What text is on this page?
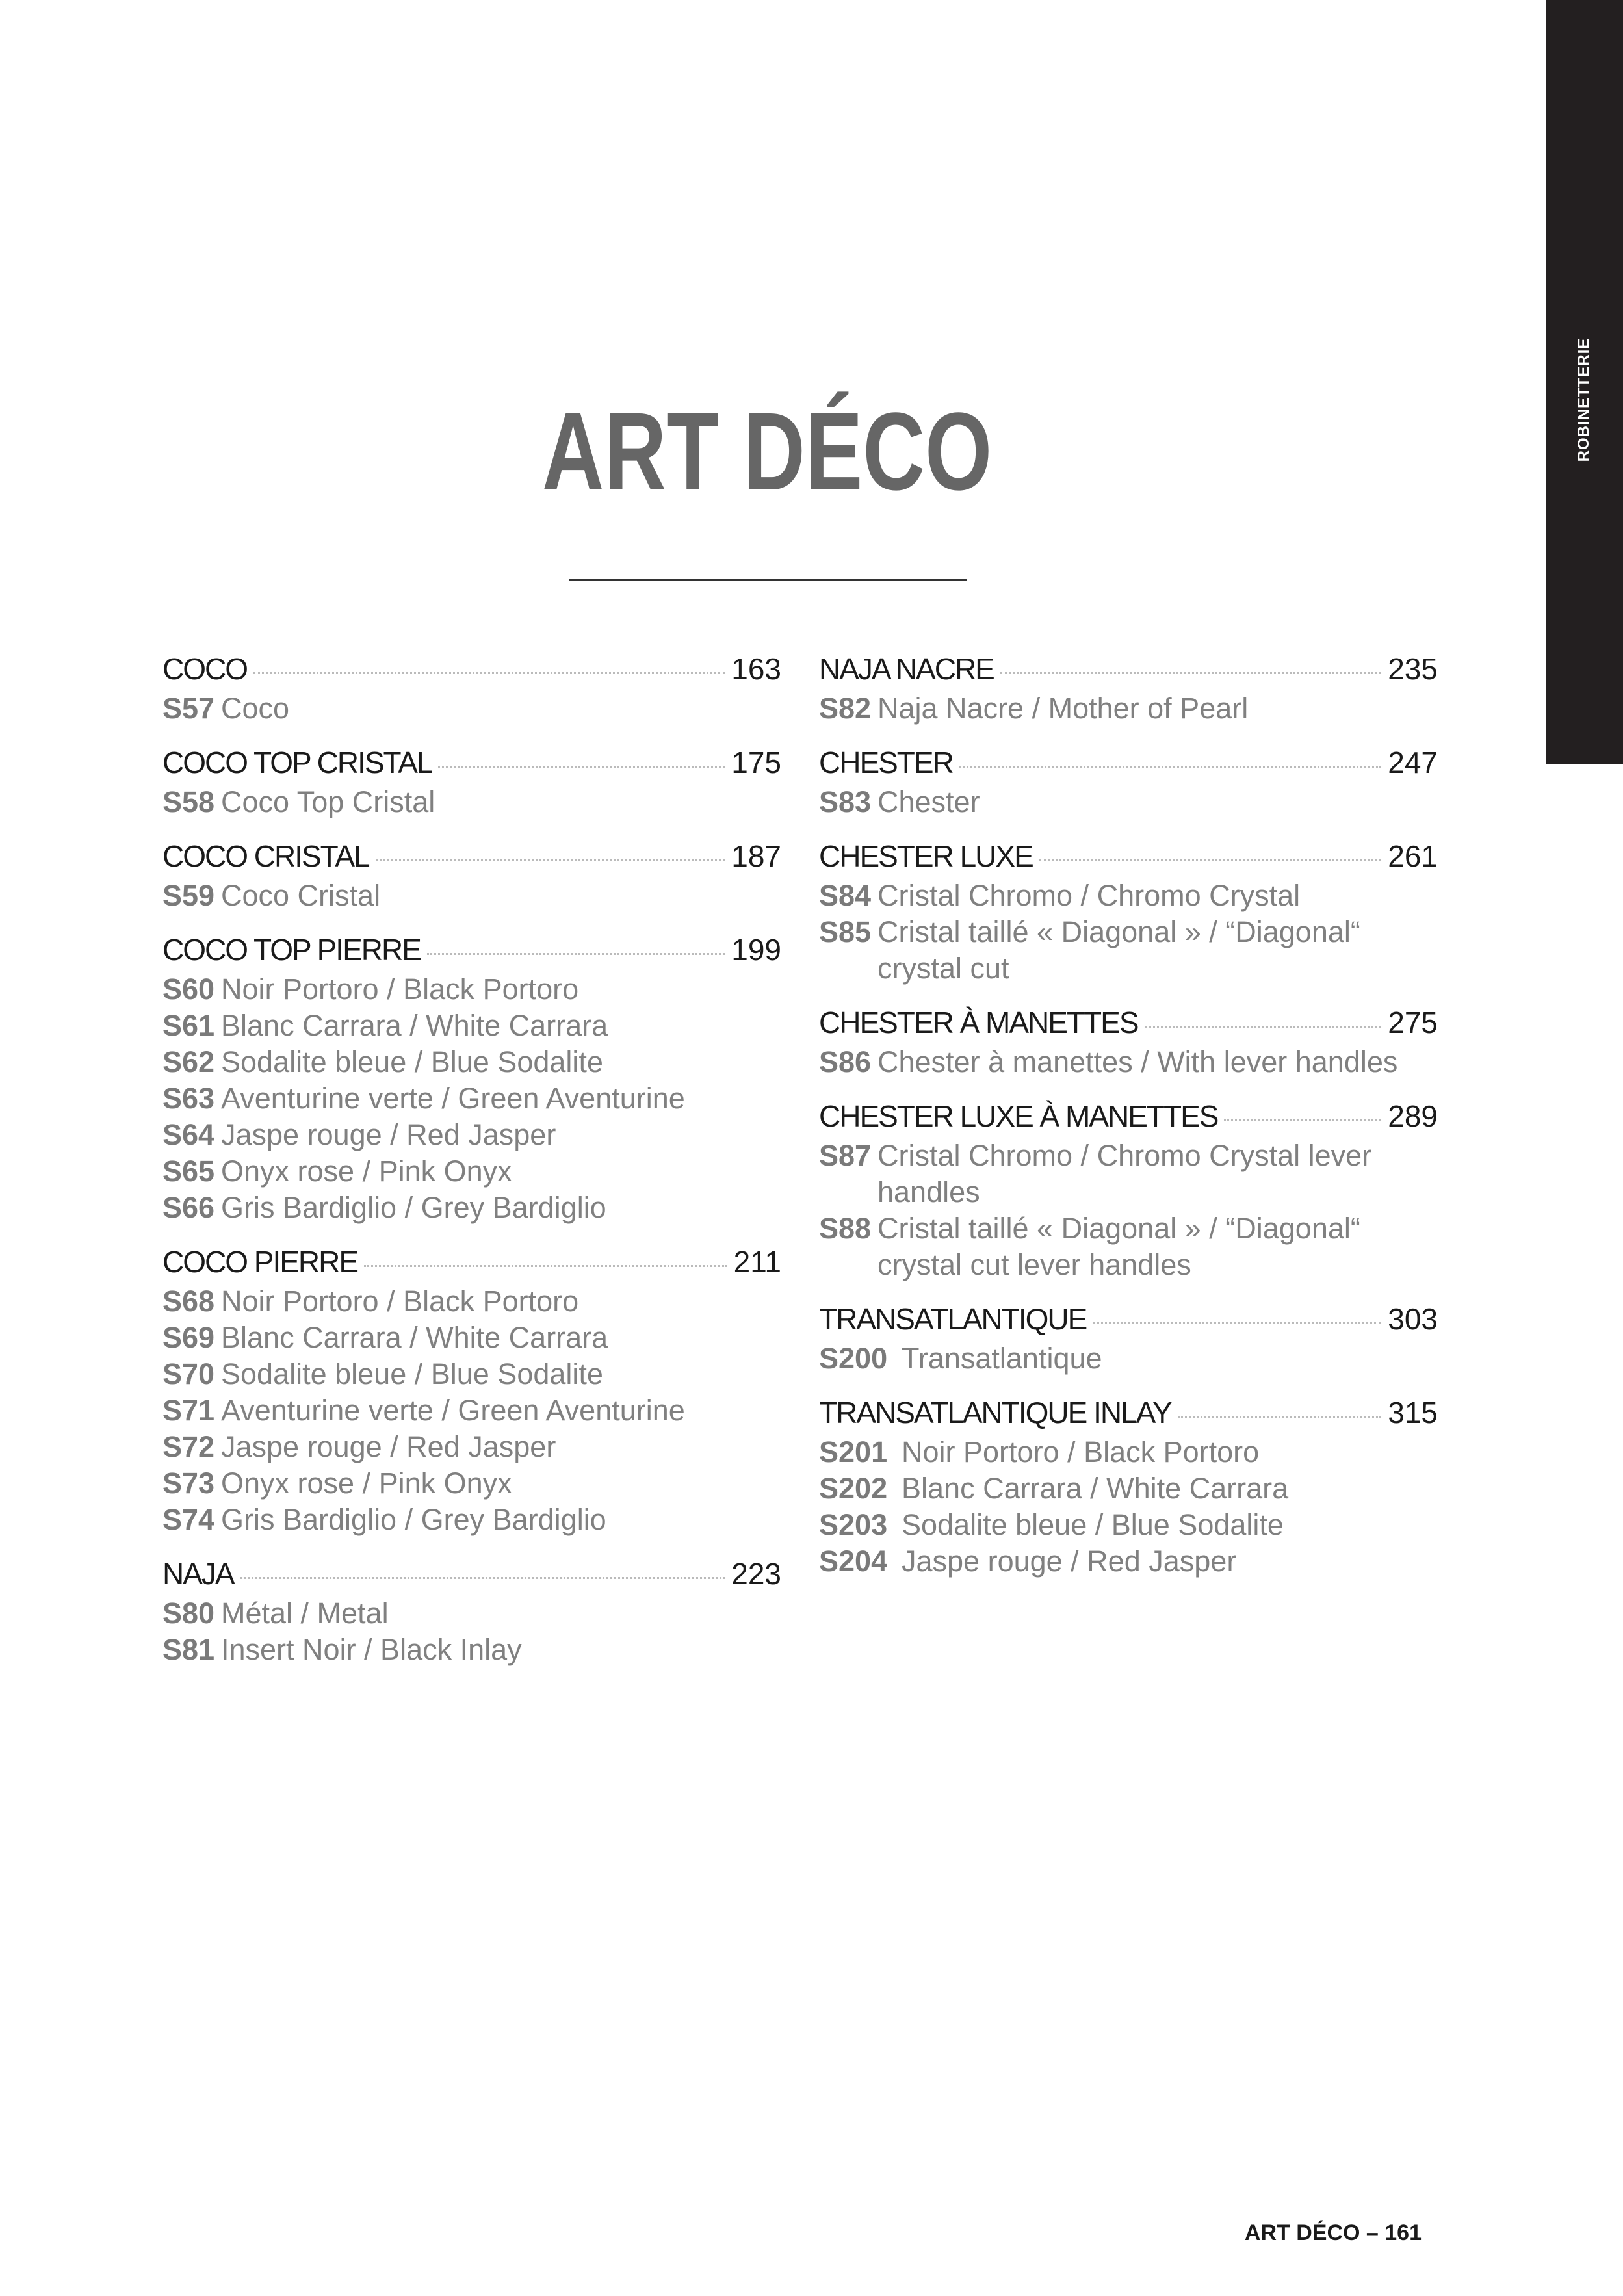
ROBINETTERIE
ART DÉCO
COCO	163
S57 Coco
COCO TOP CRISTAL	175
S58 Coco Top Cristal
COCO CRISTAL	187
S59 Coco Cristal
COCO TOP PIERRE	199
S60 Noir Portoro / Black Portoro
S61 Blanc Carrara / White Carrara
S62 Sodalite bleue / Blue Sodalite
S63 Aventurine verte / Green Aventurine
S64 Jaspe rouge / Red Jasper
S65 Onyx rose / Pink Onyx
S66 Gris Bardiglio / Grey Bardiglio
COCO PIERRE	211
S68 Noir Portoro / Black Portoro
S69 Blanc Carrara / White Carrara
S70 Sodalite bleue / Blue Sodalite
S71 Aventurine verte / Green Aventurine
S72 Jaspe rouge / Red Jasper
S73 Onyx rose / Pink Onyx
S74 Gris Bardiglio / Grey Bardiglio
NAJA	223
S80 Métal / Metal
S81 Insert Noir / Black Inlay
NAJA NACRE	235
S82 Naja Nacre / Mother of Pearl
CHESTER	247
S83 Chester
CHESTER LUXE	261
S84 Cristal Chromo / Chromo Crystal
S85 Cristal taillé « Diagonal » / “Diagonal“ crystal cut
CHESTER À MANETTES	275
S86 Chester à manettes / With lever handles
CHESTER LUXE À MANETTES	289
S87 Cristal Chromo / Chromo Crystal lever handles
S88 Cristal taillé « Diagonal » / “Diagonal“ crystal cut lever handles
TRANSATLANTIQUE	303
S200 Transatlantique
TRANSATLANTIQUE INLAY	315
S201 Noir Portoro / Black Portoro
S202 Blanc Carrara / White Carrara
S203 Sodalite bleue / Blue Sodalite
S204 Jaspe rouge / Red Jasper
ART DÉCO – 161
